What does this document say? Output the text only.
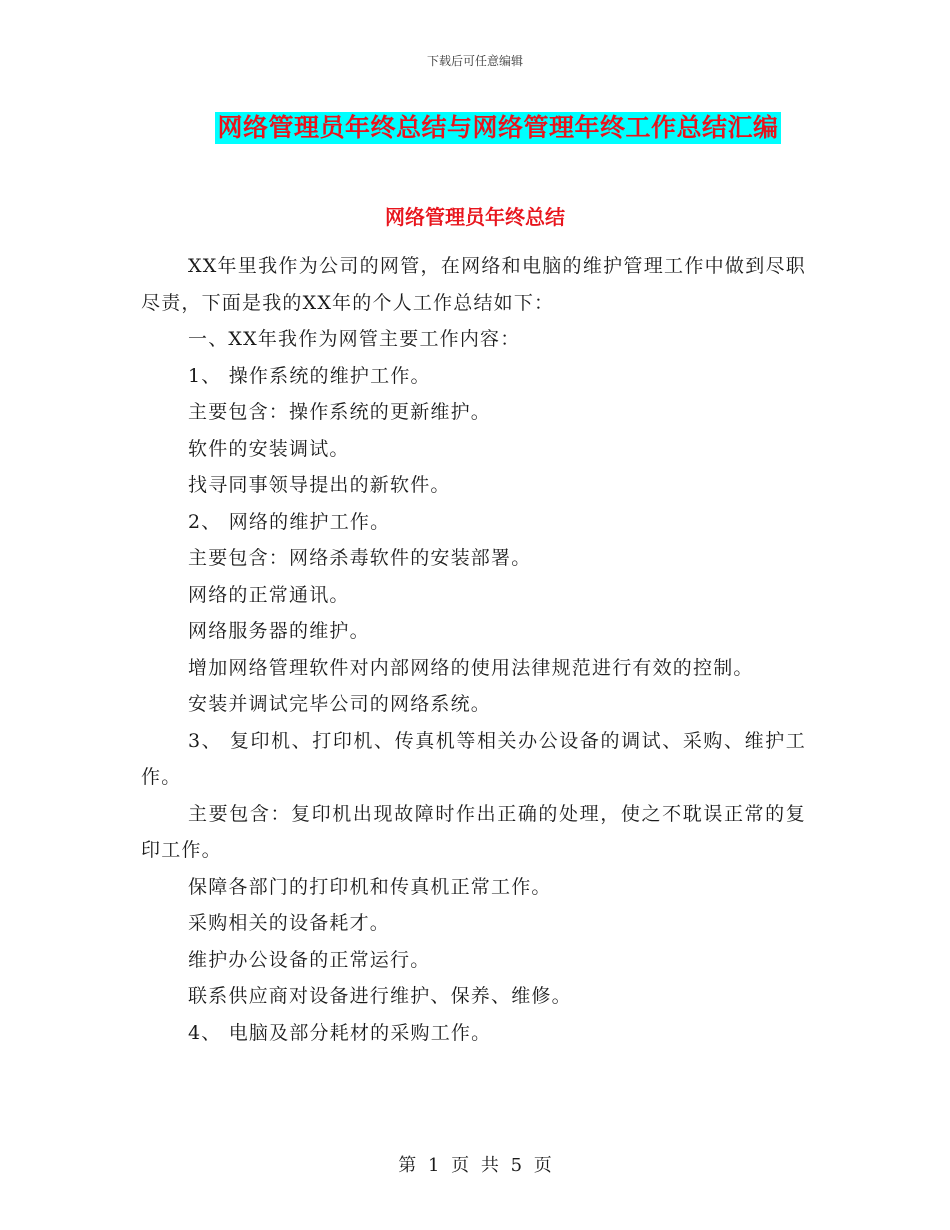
下载后可任意编辑
网络管理员年终总结与网络管理年终工作总结汇编
网络管理员年终总结

XX年里我作为公司的网管，在网络和电脑的维护管理工作中做到尽职尽责，下面是我的XX年的个人工作总结如下：

一、XX年我作为网管主要工作内容：

1、 操作系统的维护工作。

主要包含：操作系统的更新维护。

软件的安装调试。

找寻同事领导提出的新软件。

2、 网络的维护工作。

主要包含：网络杀毒软件的安装部署。

网络的正常通讯。

网络服务器的维护。

增加网络管理软件对内部网络的使用法律规范进行有效的控制。

安装并调试完毕公司的网络系统。

3、 复印机、打印机、传真机等相关办公设备的调试、采购、维护工作。

主要包含：复印机出现故障时作出正确的处理，使之不耽误正常的复印工作。

保障各部门的打印机和传真机正常工作。

采购相关的设备耗才。

维护办公设备的正常运行。

联系供应商对设备进行维护、保养、维修。

4、 电脑及部分耗材的采购工作。

第 1 页 共 5 页
